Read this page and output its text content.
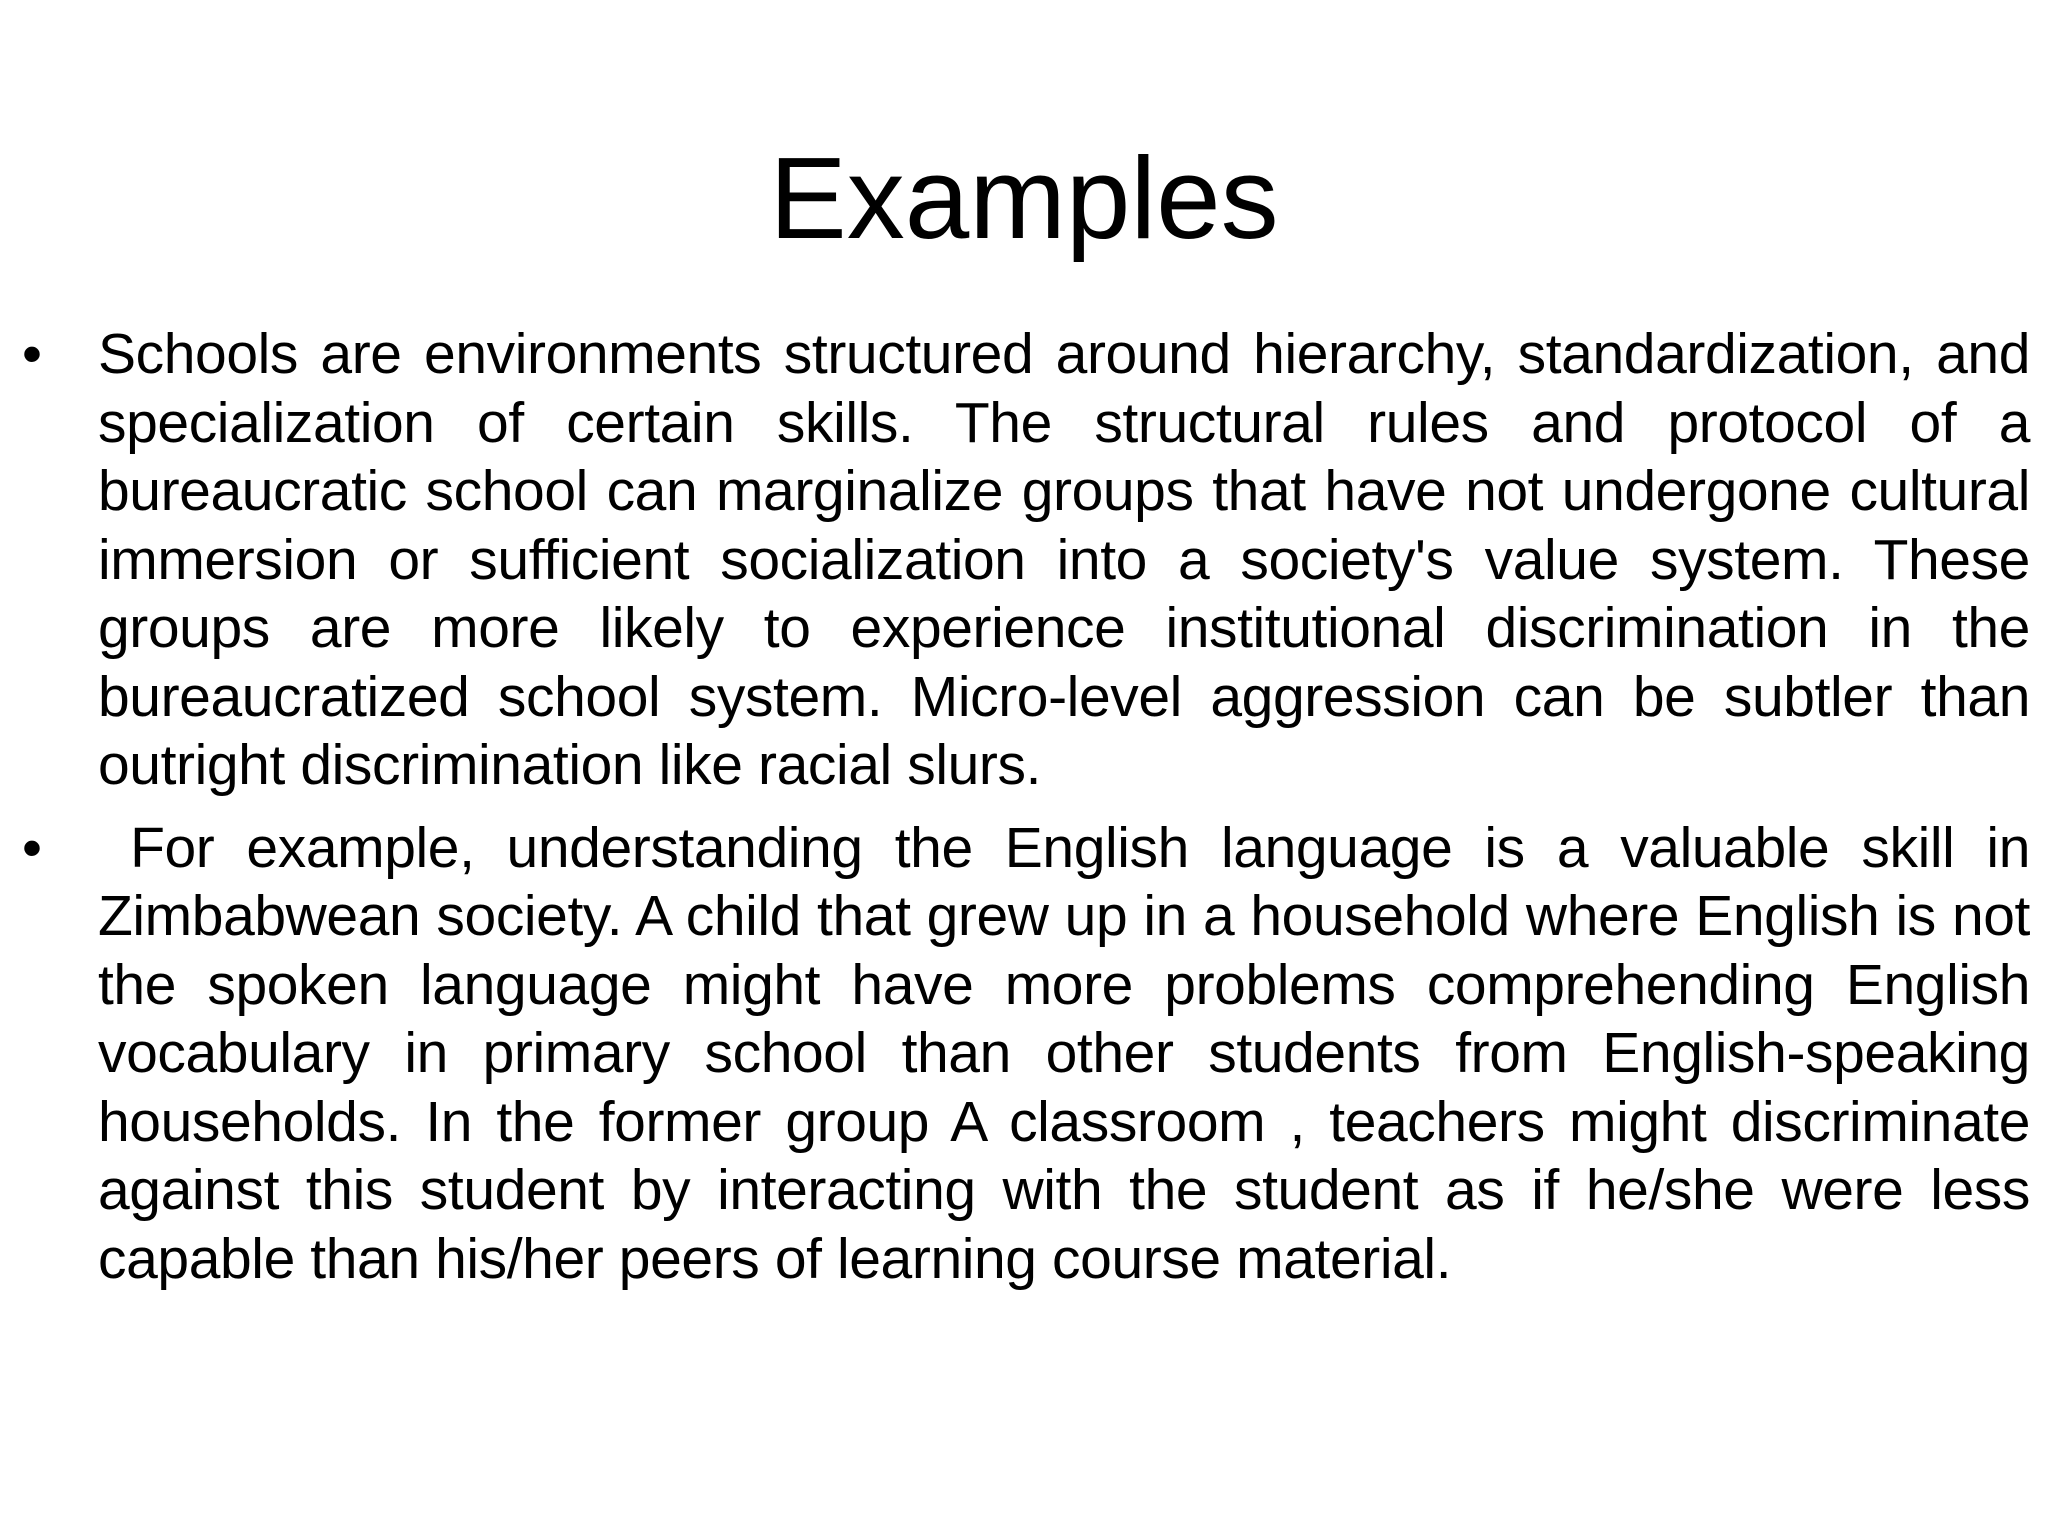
Examples
• Schools are environments structured around hierarchy, standardization, and specialization of certain skills. The structural rules and protocol of a bureaucratic school can marginalize groups that have not undergone cultural immersion or sufficient socialization into a society's value system. These groups are more likely to experience institutional discrimination in the bureaucratized school system. Micro-level aggression can be subtler than outright discrimination like racial slurs.
• For example, understanding the English language is a valuable skill in Zimbabwean society. A child that grew up in a household where English is not the spoken language might have more problems comprehending English vocabulary in primary school than other students from English-speaking households. In the former group A classroom , teachers might discriminate against this student by interacting with the student as if he/she were less capable than his/her peers of learning course material.
